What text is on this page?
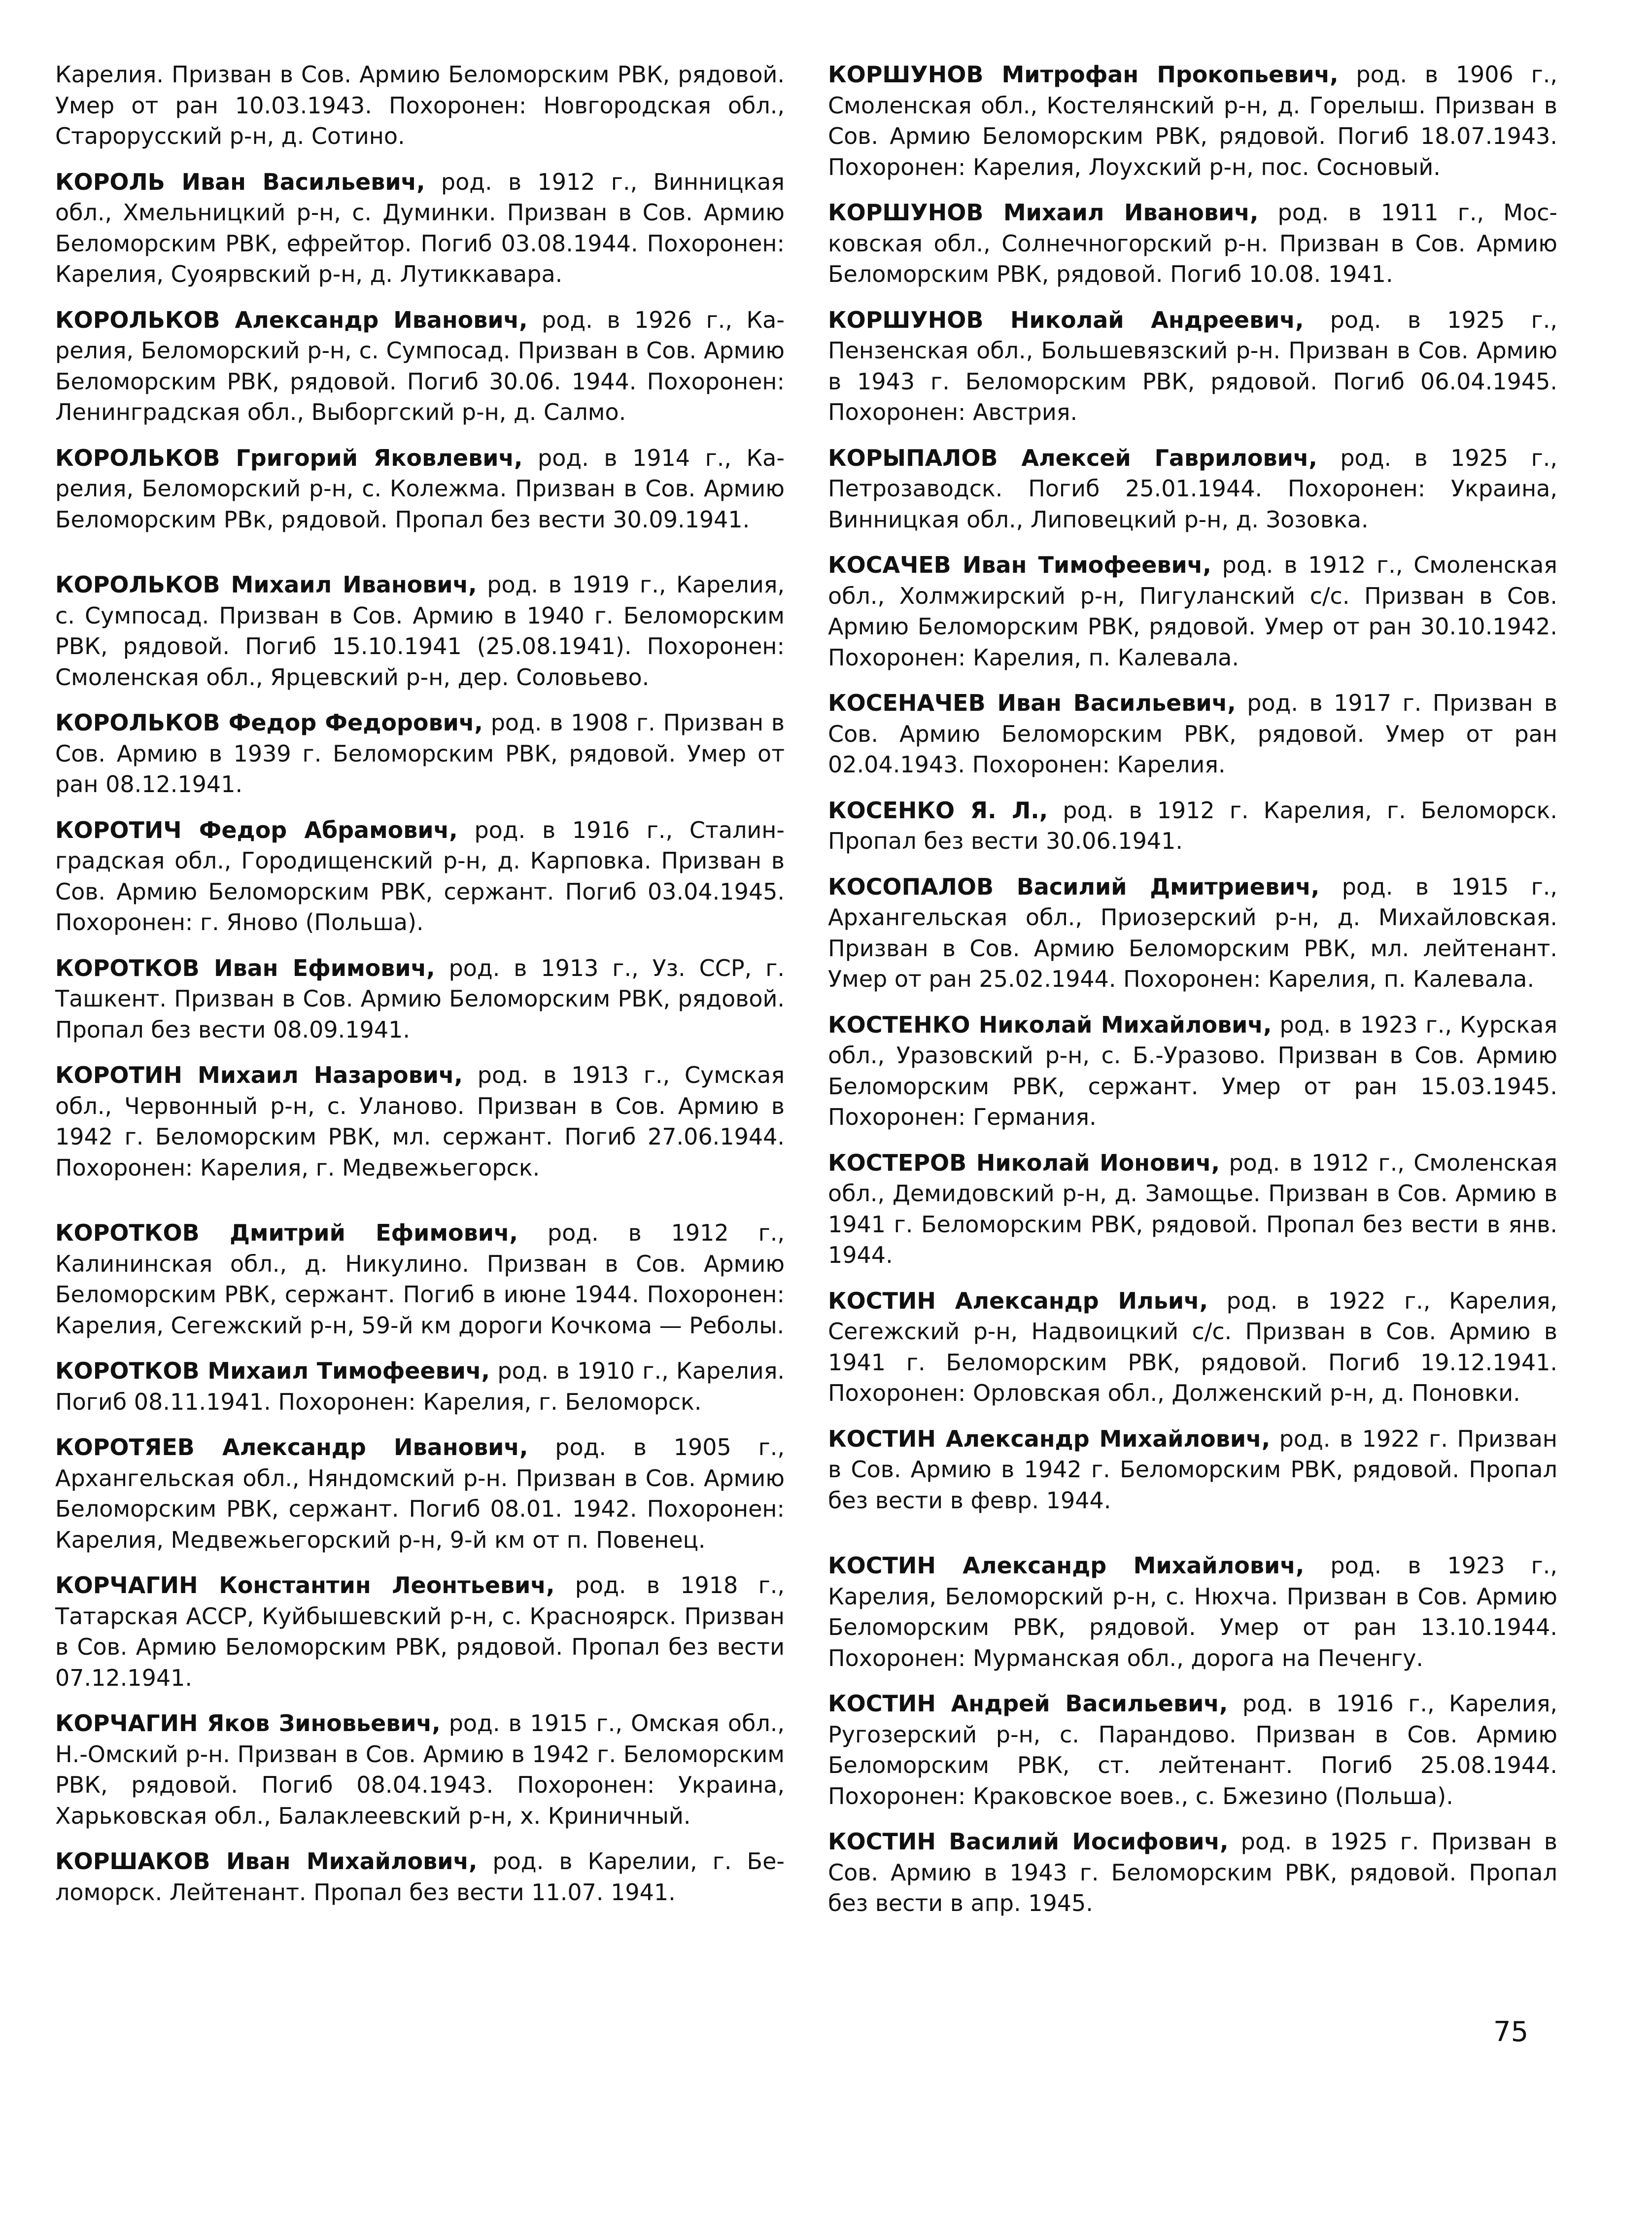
Карелия. Призван в Сов. Армию Беломорским РВК, рядовой. Умер от ран 10.03.1943. Похоронен: Новгородская обл., Старорусский р-н, д. Сотино.

КОРОЛЬ Иван Васильевич, род. в 1912 г., Винницкая обл., Хмельницкий р-н, с. Думинки. Призван в Сов. Армию Беломорским РВК, ефрейтор. Погиб 03.08.1944. Похоронен: Карелия, Суоярвский р-н, д. Лутиккавара.

КОРОЛЬКОВ Александр Иванович, род. в 1926 г., Карелия, Беломорский р-н, с. Сумпосад. Призван в Сов. Армию Беломорским РВК, рядовой. Погиб 30.06. 1944. Похоронен: Ленинградская обл., Выборгский р-н, д. Салмо.

КОРОЛЬКОВ Григорий Яковлевич, род. в 1914 г., Карелия, Беломорский р-н, с. Колежма. Призван в Сов. Армию Беломорским РВк, рядовой. Пропал без вести 30.09.1941.

КОРОЛЬКОВ Михаил Иванович, род. в 1919 г., Карелия, с. Сумпосад. Призван в Сов. Армию в 1940 г. Беломорским РВК, рядовой. Погиб 15.10.1941 (25.08.1941). Похоронен: Смоленская обл., Ярцевский р-н, дер. Соловьево.

КОРОЛЬКОВ Федор Федорович, род. в 1908 г. Призван в Сов. Армию в 1939 г. Беломорским РВК, рядовой. Умер от ран 08.12.1941.

КОРОТИЧ Федор Абрамович, род. в 1916 г., Сталинградская обл., Городищенский р-н, д. Карповка. Призван в Сов. Армию Беломорским РВК, сержант. Погиб 03.04.1945. Похоронен: г. Яново (Польша).

КОРОТКОВ Иван Ефимович, род. в 1913 г., Уз. ССР, г. Ташкент. Призван в Сов. Армию Беломорским РВК, рядовой. Пропал без вести 08.09.1941.

КОРОТИН Михаил Назарович, род. в 1913 г., Сумская обл., Червонный р-н, с. Уланово. Призван в Сов. Армию в 1942 г. Беломорским РВК, мл. сержант. Погиб 27.06.1944. Похоронен: Карелия, г. Медвежьегорск.

КОРОТКОВ Дмитрий Ефимович, род. в 1912 г., Калининская обл., д. Никулино. Призван в Сов. Армию Беломорским РВК, сержант. Погиб в июне 1944. Похоронен: Карелия, Сегежский р-н, 59-й км дороги Кочкома — Реболы.

КОРОТКОВ Михаил Тимофеевич, род. в 1910 г., Карелия. Погиб 08.11.1941. Похоронен: Карелия, г. Беломорск.

КОРОТЯЕВ Александр Иванович, род. в 1905 г., Архангельская обл., Няндомский р-н. Призван в Сов. Армию Беломорским РВК, сержант. Погиб 08.01. 1942. Похоронен: Карелия, Медвежьегорский р-н, 9-й км от п. Повенец.

КОРЧАГИН Константин Леонтьевич, род. в 1918 г., Татарская АССР, Куйбышевский р-н, с. Красноярск. Призван в Сов. Армию Беломорским РВК, рядовой. Пропал без вести 07.12.1941.

КОРЧАГИН Яков Зиновьевич, род. в 1915 г., Омская обл., Н.-Омский р-н. Призван в Сов. Армию в 1942 г. Беломорским РВК, рядовой. Погиб 08.04.1943. Похоронен: Украина, Харьковская обл., Балаклеевский р-н, х. Криничный.

КОРШАКОВ Иван Михайлович, род. в Карелии, г. Беломорск. Лейтенант. Пропал без вести 11.07. 1941.

КОРШУНОВ Митрофан Прокопьевич, род. в 1906 г., Смоленская обл., Костелянский р-н, д. Горелыш. Призван в Сов. Армию Беломорским РВК, рядовой. Погиб 18.07.1943. Похоронен: Карелия, Лоухский р-н, пос. Сосновый.

КОРШУНОВ Михаил Иванович, род. в 1911 г., Московская обл., Солнечногорский р-н. Призван в Сов. Армию Беломорским РВК, рядовой. Погиб 10.08. 1941.

КОРШУНОВ Николай Андреевич, род. в 1925 г., Пензенская обл., Большевязский р-н. Призван в Сов. Армию в 1943 г. Беломорским РВК, рядовой. Погиб 06.04.1945. Похоронен: Австрия.

КОРЫПАЛОВ Алексей Гаврилович, род. в 1925 г., Петрозаводск. Погиб 25.01.1944. Похоронен: Украина, Винницкая обл., Липовецкий р-н, д. Зозовка.

КОСАЧЕВ Иван Тимофеевич, род. в 1912 г., Смоленская обл., Холмжирский р-н, Пигуланский с/с. Призван в Сов. Армию Беломорским РВК, рядовой. Умер от ран 30.10.1942. Похоронен: Карелия, п. Калевала.

КОСЕНАЧЕВ Иван Васильевич, род. в 1917 г. Призван в Сов. Армию Беломорским РВК, рядовой. Умер от ран 02.04.1943. Похоронен: Карелия.

КОСЕНКО Я. Л., род. в 1912 г. Карелия, г. Беломорск. Пропал без вести 30.06.1941.

КОСОПАЛОВ Василий Дмитриевич, род. в 1915 г., Архангельская обл., Приозерский р-н, д. Михайловская. Призван в Сов. Армию Беломорским РВК, мл. лейтенант. Умер от ран 25.02.1944. Похоронен: Карелия, п. Калевала.

КОСТЕНКО Николай Михайлович, род. в 1923 г., Курская обл., Уразовский р-н, с. Б.-Уразово. Призван в Сов. Армию Беломорским РВК, сержант. Умер от ран 15.03.1945. Похоронен: Германия.

КОСТЕРОВ Николай Ионович, род. в 1912 г., Смоленская обл., Демидовский р-н, д. Замощье. Призван в Сов. Армию в 1941 г. Беломорским РВК, рядовой. Пропал без вести в янв. 1944.

КОСТИН Александр Ильич, род. в 1922 г., Карелия, Сегежский р-н, Надвоицкий с/с. Призван в Сов. Армию в 1941 г. Беломорским РВК, рядовой. Погиб 19.12.1941. Похоронен: Орловская обл., Долженский р-н, д. Поновки.

КОСТИН Александр Михайлович, род. в 1922 г. Призван в Сов. Армию в 1942 г. Беломорским РВК, рядовой. Пропал без вести в февр. 1944.

КОСТИН Александр Михайлович, род. в 1923 г., Карелия, Беломорский р-н, с. Нюхча. Призван в Сов. Армию Беломорским РВК, рядовой. Умер от ран 13.10.1944. Похоронен: Мурманская обл., дорога на Печенгу.

КОСТИН Андрей Васильевич, род. в 1916 г., Карелия, Ругозерский р-н, с. Парандово. Призван в Сов. Армию Беломорским РВК, ст. лейтенант. Погиб 25.08.1944. Похоронен: Краковское воев., с. Бжезино (Польша).

КОСТИН Василий Иосифович, род. в 1925 г. Призван в Сов. Армию в 1943 г. Беломорским РВК, рядовой. Пропал без вести в апр. 1945.

75
